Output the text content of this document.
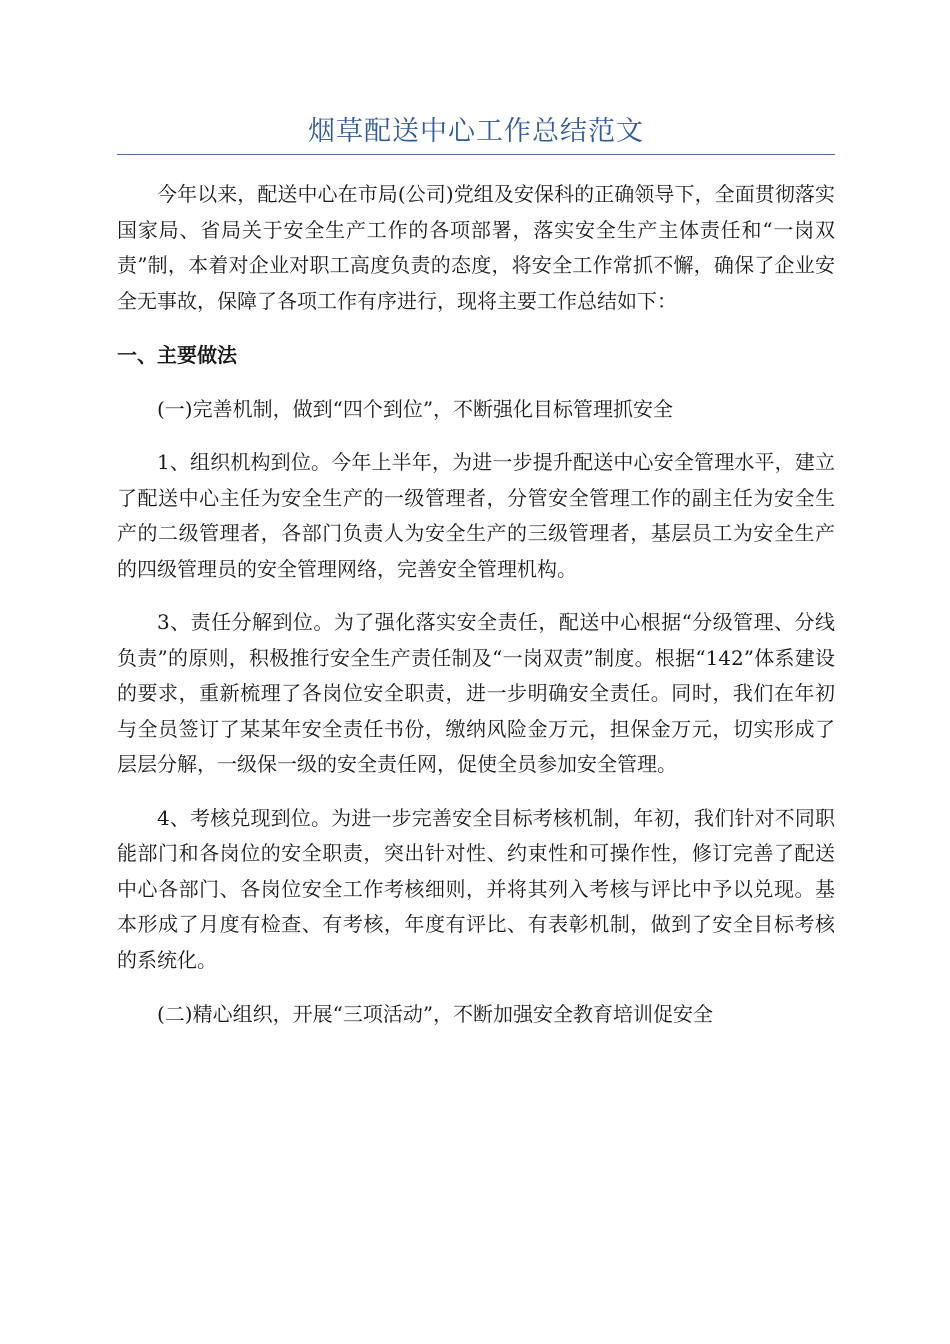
烟草配送中心工作总结范文

今年以来，配送中心在市局(公司)党组及安保科的正确领导下，全面贯彻落实国家局、省局关于安全生产工作的各项部署，落实安全生产主体责任和“一岗双责”制，本着对企业对职工高度负责的态度，将安全工作常抓不懈，确保了企业安全无事故，保障了各项工作有序进行，现将主要工作总结如下：

一、主要做法
(一)完善机制，做到“四个到位”，不断强化目标管理抓安全

1、组织机构到位。今年上半年，为进一步提升配送中心安全管理水平，建立了配送中心主任为安全生产的一级管理者，分管安全管理工作的副主任为安全生产的二级管理者，各部门负责人为安全生产的三级管理者，基层员工为安全生产的四级管理员的安全管理网络，完善安全管理机构。

3、责任分解到位。为了强化落实安全责任，配送中心根据“分级管理、分线负责”的原则，积极推行安全生产责任制及“一岗双责”制度。根据“142”体系建设的要求，重新梳理了各岗位安全职责，进一步明确安全责任。同时，我们在年初与全员签订了某某年安全责任书份，缴纳风险金万元，担保金万元，切实形成了层层分解，一级保一级的安全责任网，促使全员参加安全管理。

4、考核兑现到位。为进一步完善安全目标考核机制，年初，我们针对不同职能部门和各岗位的安全职责，突出针对性、约束性和可操作性，修订完善了配送中心各部门、各岗位安全工作考核细则，并将其列入考核与评比中予以兑现。基本形成了月度有检查、有考核，年度有评比、有表彰机制，做到了安全目标考核的系统化。

(二)精心组织，开展“三项活动”，不断加强安全教育培训促安全
